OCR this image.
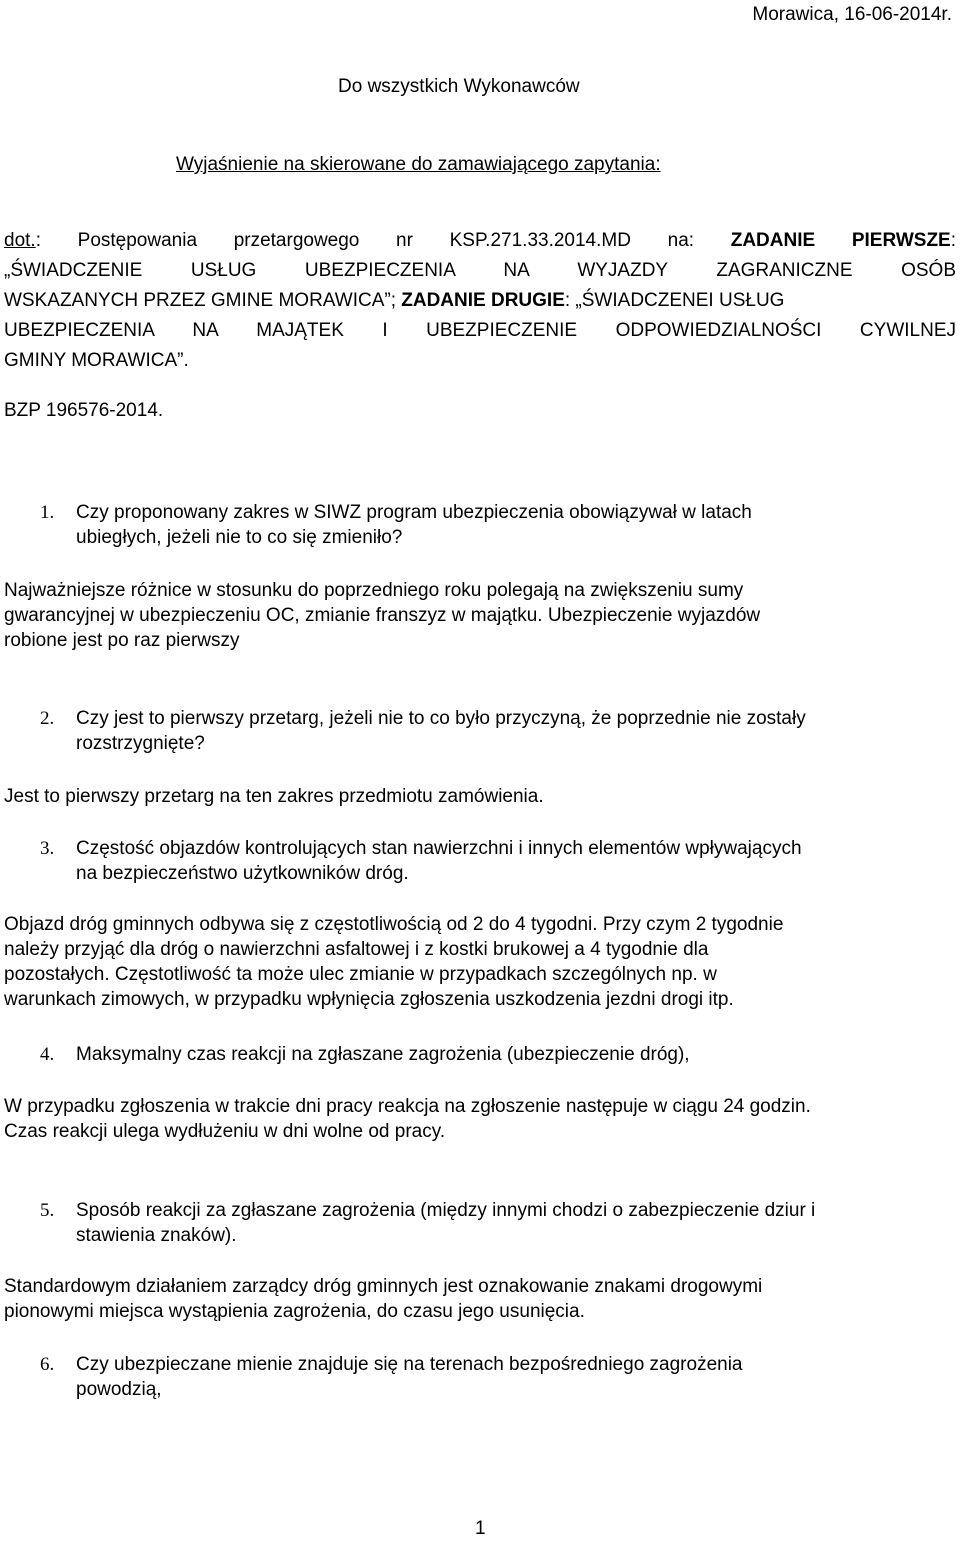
Morawica, 16-06-2014r.
Do wszystkich Wykonawców
Wyjaśnienie na skierowane do zamawiającego zapytania:
dot.: Postępowania przetargowego nr KSP.271.33.2014.MD na: ZADANIE PIERWSZE:
„ŚWIADCZENIE USŁUG UBEZPIECZENIA NA WYJAZDY ZAGRANICZNE OSÓB
WSKAZANYCH PRZEZ GMINE MORAWICA”; ZADANIE DRUGIE: „ŚWIADCZENEI USŁUG
UBEZPIECZENIA NA MAJĄTEK I UBEZPIECZENIE ODPOWIEDZIALNOŚCI CYWILNEJ
GMINY MORAWICA”.
BZP 196576-2014.
1. Czy proponowany zakres w SIWZ program ubezpieczenia obowiązywał w latach
ubiegłych, jeżeli nie to co się zmieniło?
Najważniejsze różnice w stosunku do poprzedniego roku polegają na zwiększeniu sumy
gwarancyjnej w ubezpieczeniu OC, zmianie franszyz w majątku. Ubezpieczenie wyjazdów
robione jest po raz pierwszy
2. Czy jest to pierwszy przetarg, jeżeli nie to co było przyczyną, że poprzednie nie zostały
rozstrzygnięte?
Jest to pierwszy przetarg na ten zakres przedmiotu zamówienia.
3. Częstość objazdów kontrolujących stan nawierzchni i innych elementów wpływających
na bezpieczeństwo użytkowników dróg.
Objazd dróg gminnych odbywa się z częstotliwością od 2 do 4 tygodni. Przy czym 2 tygodnie
należy przyjąć dla dróg o nawierzchni asfaltowej i z kostki brukowej a 4 tygodnie dla
pozostałych. Częstotliwość ta może ulec zmianie w przypadkach szczególnych np. w
warunkach zimowych, w przypadku wpłynięcia zgłoszenia uszkodzenia jezdni drogi itp.
4. Maksymalny czas reakcji na zgłaszane zagrożenia (ubezpieczenie dróg),
W przypadku zgłoszenia w trakcie dni pracy reakcja na zgłoszenie następuje w ciągu 24 godzin.
Czas reakcji ulega wydłużeniu w dni wolne od pracy.
5. Sposób reakcji za zgłaszane zagrożenia (między innymi chodzi o zabezpieczenie dziur i
stawienia znaków).
Standardowym działaniem zarządcy dróg gminnych jest oznakowanie znakami drogowymi
pionowymi miejsca wystąpienia zagrożenia, do czasu jego usunięcia.
6. Czy ubezpieczane mienie znajduje się na terenach bezpośredniego zagrożenia
powodzią,
1
